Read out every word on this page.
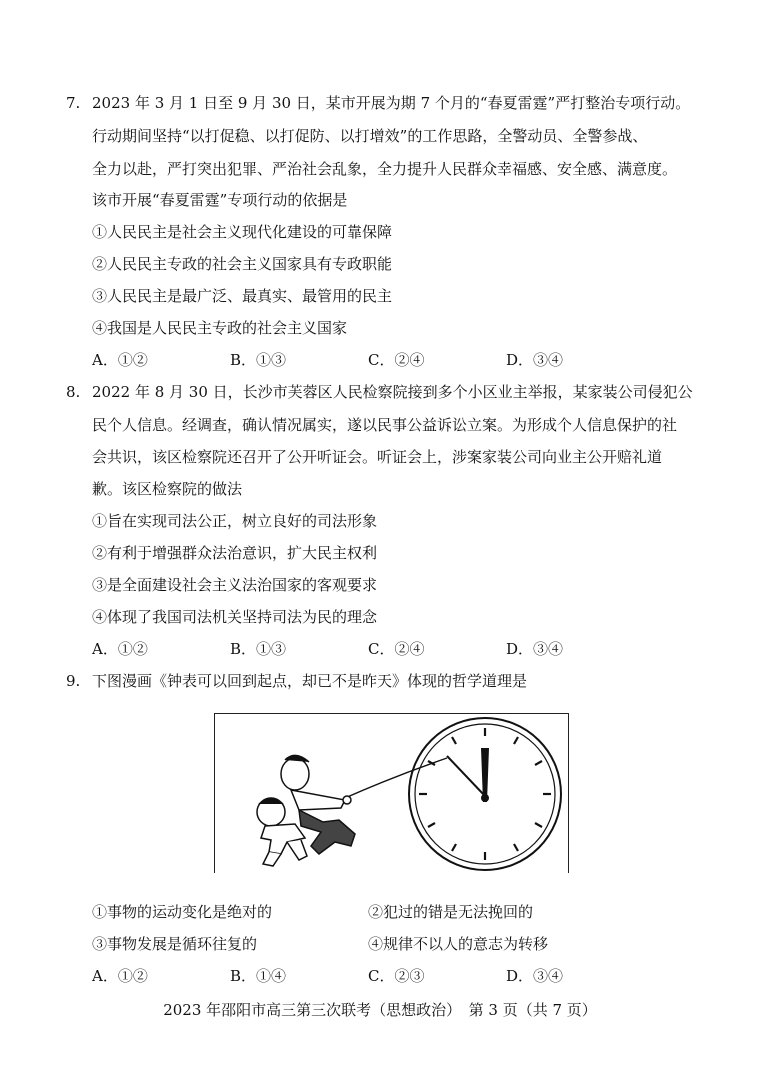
7. 2023 年 3 月 1 日至 9 月 30 日，某市开展为期 7 个月的“春夏雷霆”严打整治专项行动。
行动期间坚持“以打促稳、以打促防、以打增效”的工作思路，全警动员、全警参战、
全力以赴，严打突出犯罪、严治社会乱象，全力提升人民群众幸福感、安全感、满意度。
该市开展“春夏雷霆”专项行动的依据是
①人民民主是社会主义现代化建设的可靠保障
②人民民主专政的社会主义国家具有专政职能
③人民民主是最广泛、最真实、最管用的民主
④我国是人民民主专政的社会主义国家
A．①②	B．①③	C．②④	D．③④
8. 2022 年 8 月 30 日，长沙市芙蓉区人民检察院接到多个小区业主举报，某家装公司侵犯公
民个人信息。经调查，确认情况属实，遂以民事公益诉讼立案。为形成个人信息保护的社
会共识，该区检察院还召开了公开听证会。听证会上，涉案家装公司向业主公开赔礼道
歉。该区检察院的做法
①旨在实现司法公正，树立良好的司法形象
②有利于增强群众法治意识，扩大民主权利
③是全面建设社会主义法治国家的客观要求
④体现了我国司法机关坚持司法为民的理念
A．①②	B．①③	C．②④	D．③④
9. 下图漫画《钟表可以回到起点，却已不是昨天》体现的哲学道理是
①事物的运动变化是绝对的	②犯过的错是无法挽回的
③事物发展是循环往复的	④规律不以人的意志为转移
A．①②	B．①④	C．②③	D．③④
2023 年邵阳市高三第三次联考（思想政治）　第 3 页（共 7 页）
